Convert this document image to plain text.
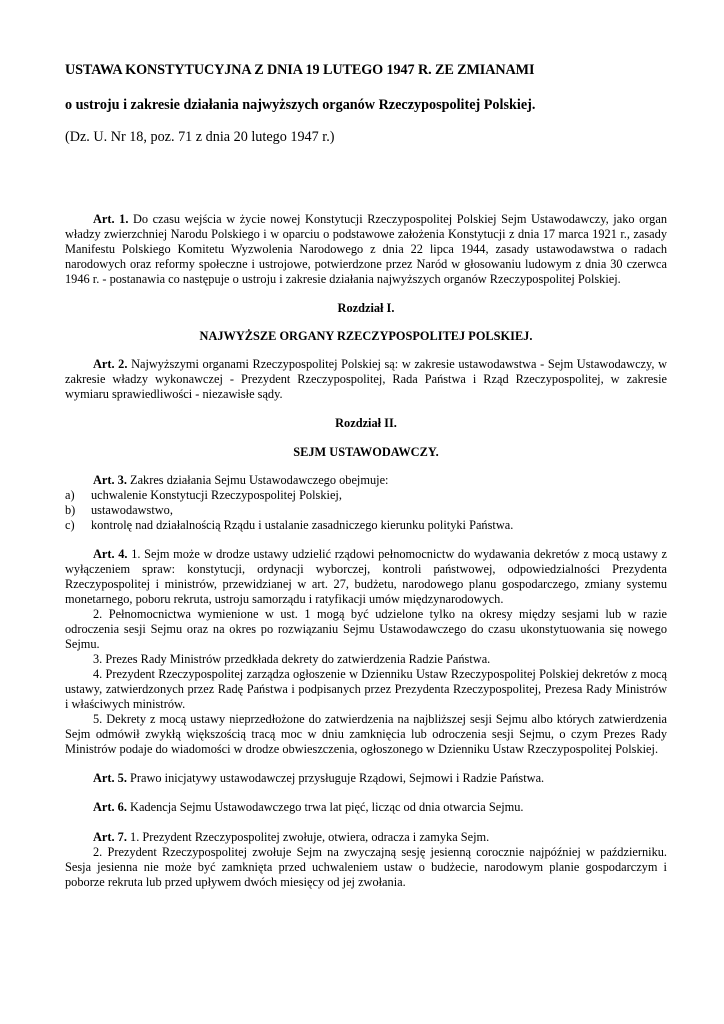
USTAWA KONSTYTUCYJNA Z DNIA 19 LUTEGO 1947 R. ZE ZMIANAMI
o ustroju i zakresie działania najwyższych organów Rzeczypospolitej Polskiej.
(Dz. U. Nr 18, poz. 71 z dnia 20 lutego 1947 r.)

Art. 1. Do czasu wejścia w życie nowej Konstytucji Rzeczypospolitej Polskiej Sejm Ustawodawczy, jako organ władzy zwierzchniej Narodu Polskiego i w oparciu o podstawowe założenia Konstytucji z dnia 17 marca 1921 r., zasady Manifestu Polskiego Komitetu Wyzwolenia Narodowego z dnia 22 lipca 1944, zasady ustawodawstwa o radach narodowych oraz reformy społeczne i ustrojowe, potwierdzone przez Naród w głosowaniu ludowym z dnia 30 czerwca 1946 r. - postanawia co następuje o ustroju i zakresie działania najwyższych organów Rzeczypospolitej Polskiej.

Rozdział I.

NAJWYŻSZE ORGANY RZECZYPOSPOLITEJ POLSKIEJ.

Art. 2. Najwyższymi organami Rzeczypospolitej Polskiej są: w zakresie ustawodawstwa - Sejm Ustawodawczy, w zakresie władzy wykonawczej - Prezydent Rzeczypospolitej, Rada Państwa i Rząd Rzeczypospolitej, w zakresie wymiaru sprawiedliwości - niezawisłe sądy.

Rozdział II.

SEJM USTAWODAWCZY.

Art. 3. Zakres działania Sejmu Ustawodawczego obejmuje:

a) uchwalenie Konstytucji Rzeczypospolitej Polskiej,
b) ustawodawstwo,
c) kontrolę nad działalnością Rządu i ustalanie zasadniczego kierunku polityki Państwa.

Art. 4. 1. Sejm może w drodze ustawy udzielić rządowi pełnomocnictw do wydawania dekretów z mocą ustawy z wyłączeniem spraw: konstytucji, ordynacji wyborczej, kontroli państwowej, odpowiedzialności Prezydenta Rzeczypospolitej i ministrów, przewidzianej w art. 27, budżetu, narodowego planu gospodarczego, zmiany systemu monetarnego, poboru rekruta, ustroju samorządu i ratyfikacji umów międzynarodowych.

2. Pełnomocnictwa wymienione w ust. 1 mogą być udzielone tylko na okresy między sesjami lub w razie odroczenia sesji Sejmu oraz na okres po rozwiązaniu Sejmu Ustawodawczego do czasu ukonstytuowania się nowego Sejmu.

3. Prezes Rady Ministrów przedkłada dekrety do zatwierdzenia Radzie Państwa.

4. Prezydent Rzeczypospolitej zarządza ogłoszenie w Dzienniku Ustaw Rzeczypospolitej Polskiej dekretów z mocą ustawy, zatwierdzonych przez Radę Państwa i podpisanych przez Prezydenta Rzeczypospolitej, Prezesa Rady Ministrów i właściwych ministrów.

5. Dekrety z mocą ustawy nieprzedłożone do zatwierdzenia na najbliższej sesji Sejmu albo których zatwierdzenia Sejm odmówił zwykłą większością tracą moc w dniu zamknięcia lub odroczenia sesji Sejmu, o czym Prezes Rady Ministrów podaje do wiadomości w drodze obwieszczenia, ogłoszonego w Dzienniku Ustaw Rzeczypospolitej Polskiej.

Art. 5. Prawo inicjatywy ustawodawczej przysługuje Rządowi, Sejmowi i Radzie Państwa.

Art. 6. Kadencja Sejmu Ustawodawczego trwa lat pięć, licząc od dnia otwarcia Sejmu.

Art. 7. 1. Prezydent Rzeczypospolitej zwołuje, otwiera, odracza i zamyka Sejm.

2. Prezydent Rzeczypospolitej zwołuje Sejm na zwyczajną sesję jesienną corocznie najpóźniej w październiku. Sesja jesienna nie może być zamknięta przed uchwaleniem ustaw o budżecie, narodowym planie gospodarczym i poborze rekruta lub przed upływem dwóch miesięcy od jej zwołania.
